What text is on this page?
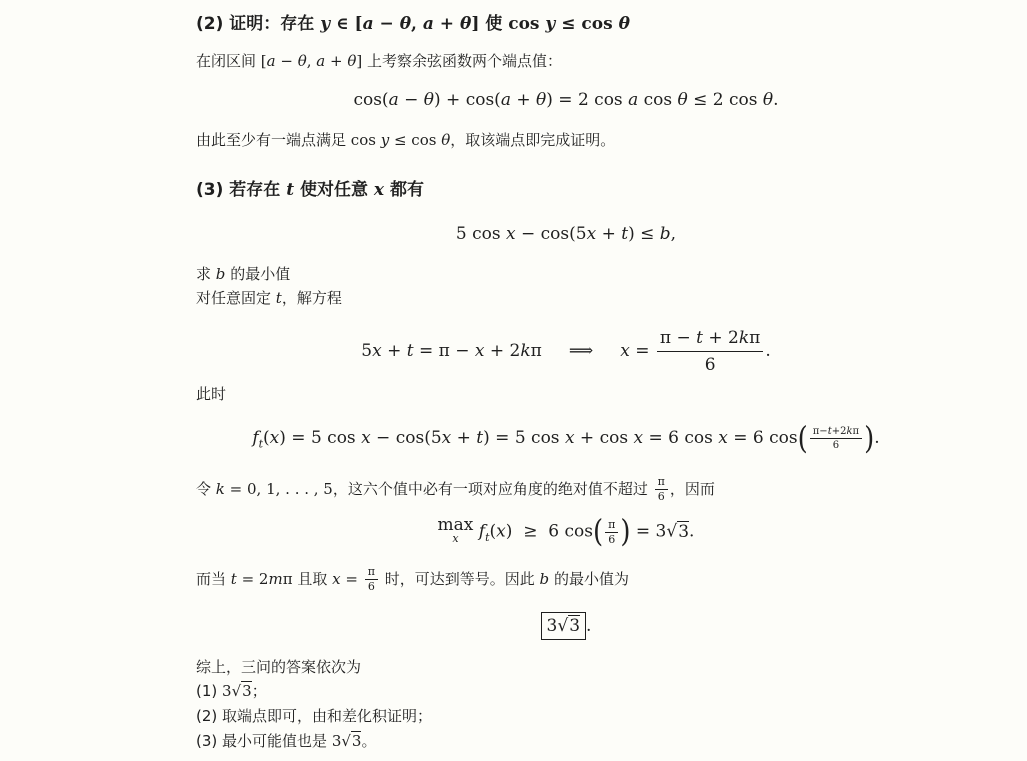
(2) 证明：存在 y ∈ [a − θ, a + θ] 使 cos y ≤ cos θ
在闭区间 [a − θ, a + θ] 上考察余弦函数两个端点值：
cos(a − θ) + cos(a + θ) = 2 cos a cos θ ≤ 2 cos θ.
由此至少有一端点满足 cos y ≤ cos θ，取该端点即完成证明。
(3) 若存在 t 使对任意 x 都有
5 cos x − cos(5x + t) ≤ b,
求 b 的最小值
对任意固定 t，解方程
5x + t = π − x + 2kπ     ⟹     $x = \frac{\pi - t + 2k\pi}{6}$ .
此时
$f_t(x) = 5$ cos x − cos(5x + t) = 5 cos x + cos x = 6 cos x = 6 $\cos( \frac{\pi-t+2k\pi}{6}$ ).
令 k = 0, 1, . . . , 5，这六个值中必有一项对应角度的绝对值不超过 $\frac{\pi}{6}$ ，因而
max
x	$f_t(x) \ge 6$ $\cos( \frac{\pi}{6}$ ) = 3√3.
而当 t = 2mπ 且取 $x = \frac{\pi}{6}$ 时，可达到等号。因此 b 的最小值为
3√3 .
综上，三问的答案依次为
(1) 3√3；
(2) 取端点即可，由和差化积证明；
(3) 最小可能值也是 3√3。
